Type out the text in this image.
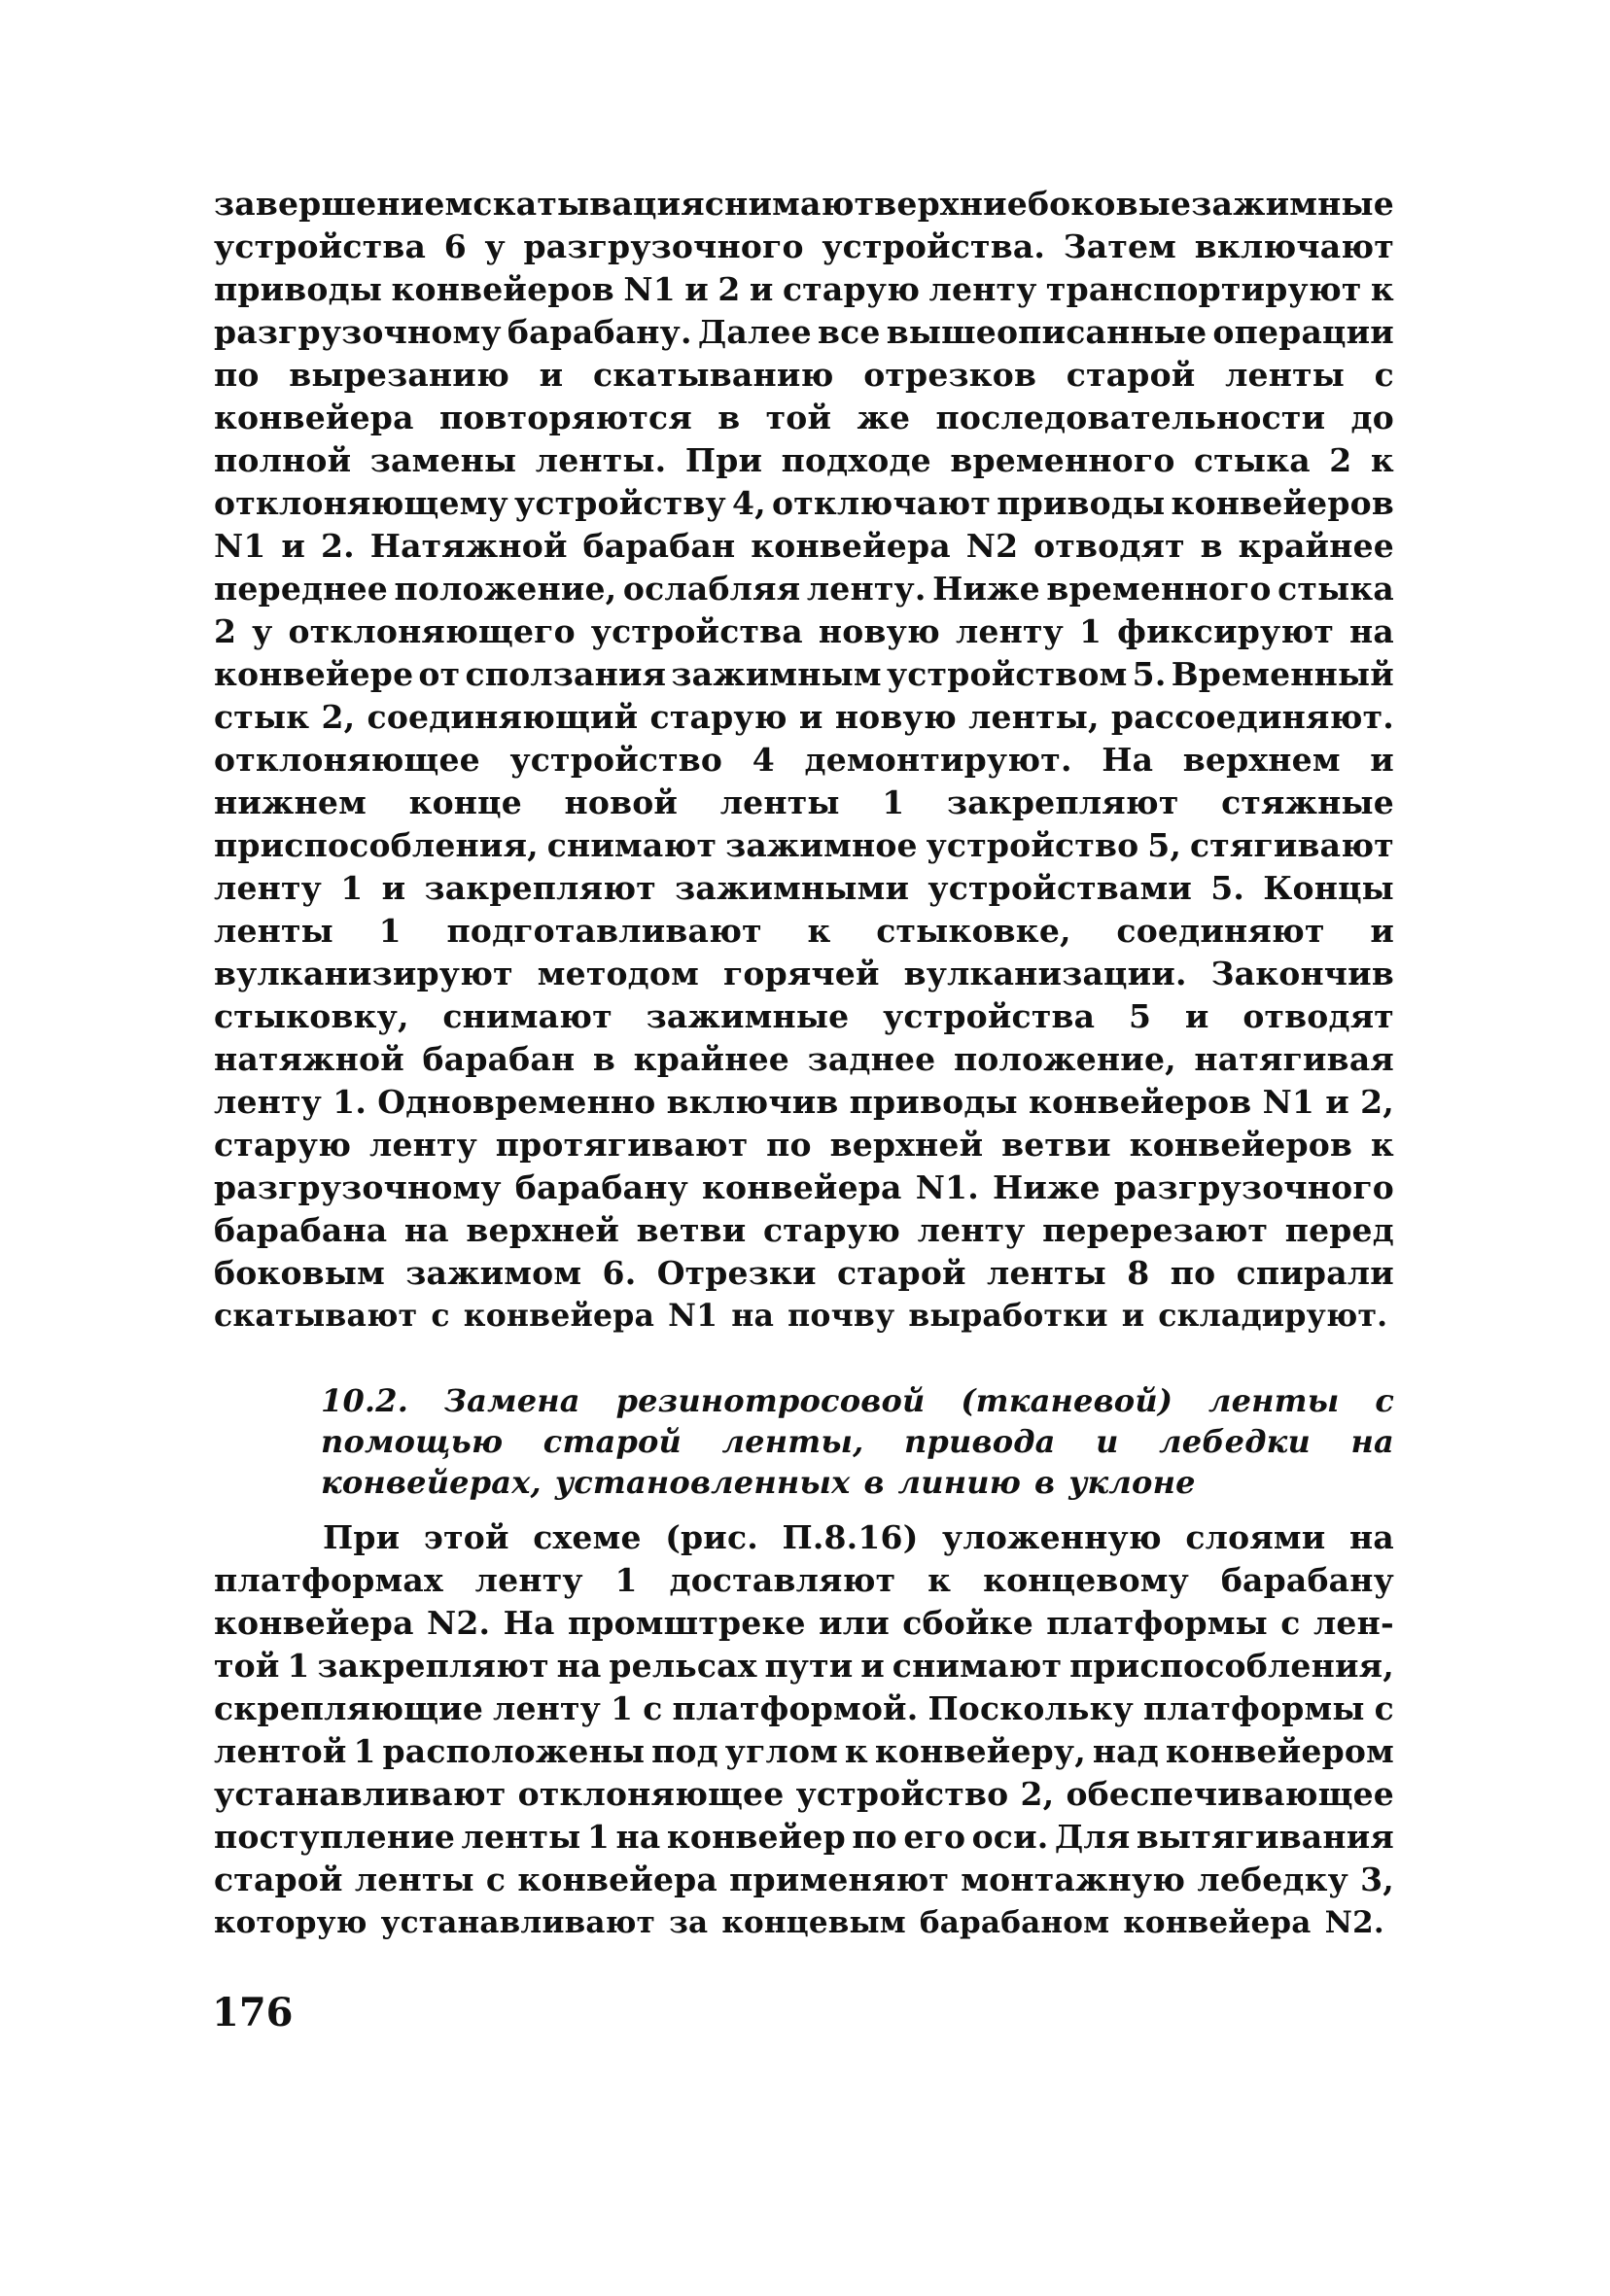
завершением скатывация снимают верхние боковые зажимные
устройства 6 у разгрузочного устройства. Затем включают
приводы конвейеров N1 и 2 и старую ленту транспортируют к
разгрузочному барабану. Далее все вышеописанные операции
по вырезанию и скатыванию отрезков старой ленты с
конвейера повторяются в той же последовательности до
полной замены ленты. При подходе временного стыка 2 к
отклоняющему устройству 4, отключают приводы конвейеров
N1 и 2. Натяжной барабан конвейера N2 отводят в крайнее
переднее положение, ослабляя ленту. Ниже временного стыка
2 у отклоняющего устройства новую ленту 1 фиксируют на
конвейере от сползания зажимным устройством 5. Временный
стык 2, соединяющий старую и новую ленты, рассоединяют.
отклоняющее устройство 4 демонтируют. На верхнем и
нижнем конце новой ленты 1 закрепляют стяжные
приспособления, снимают зажимное устройство 5, стягивают
ленту 1 и закрепляют зажимными устройствами 5. Концы
ленты 1 подготавливают к стыковке, соединяют и
вулканизируют методом горячей вулканизации. Закончив
стыковку, снимают зажимные устройства 5 и отводят
натяжной барабан в крайнее заднее положение, натягивая
ленту 1. Одновременно включив приводы конвейеров N1 и 2,
старую ленту протягивают по верхней ветви конвейеров к
разгрузочному барабану конвейера N1. Ниже разгрузочного
барабана на верхней ветви старую ленту перерезают перед
боковым зажимом 6. Отрезки старой ленты 8 по спирали
скатывают с конвейера N1 на почву выработки и складируют.
10.2. Замена резинотросовой (тканевой) ленты с
помощью старой ленты, привода и лебедки на
конвейерах, установленных в линию в уклоне
При этой схеме (рис. П.8.16) уложенную слоями на
платформах ленту 1 доставляют к концевому барабану
конвейера N2. На промштреке или сбойке платформы с лен-
той 1 закрепляют на рельсах пути и снимают приспособления,
скрепляющие ленту 1 с платформой. Поскольку платформы с
лентой 1 расположены под углом к конвейеру, над конвейером
устанавливают отклоняющее устройство 2, обеспечивающее
поступление ленты 1 на конвейер по его оси. Для вытягивания
старой ленты с конвейера применяют монтажную лебедку 3,
которую устанавливают за концевым барабаном конвейера N2.
176
